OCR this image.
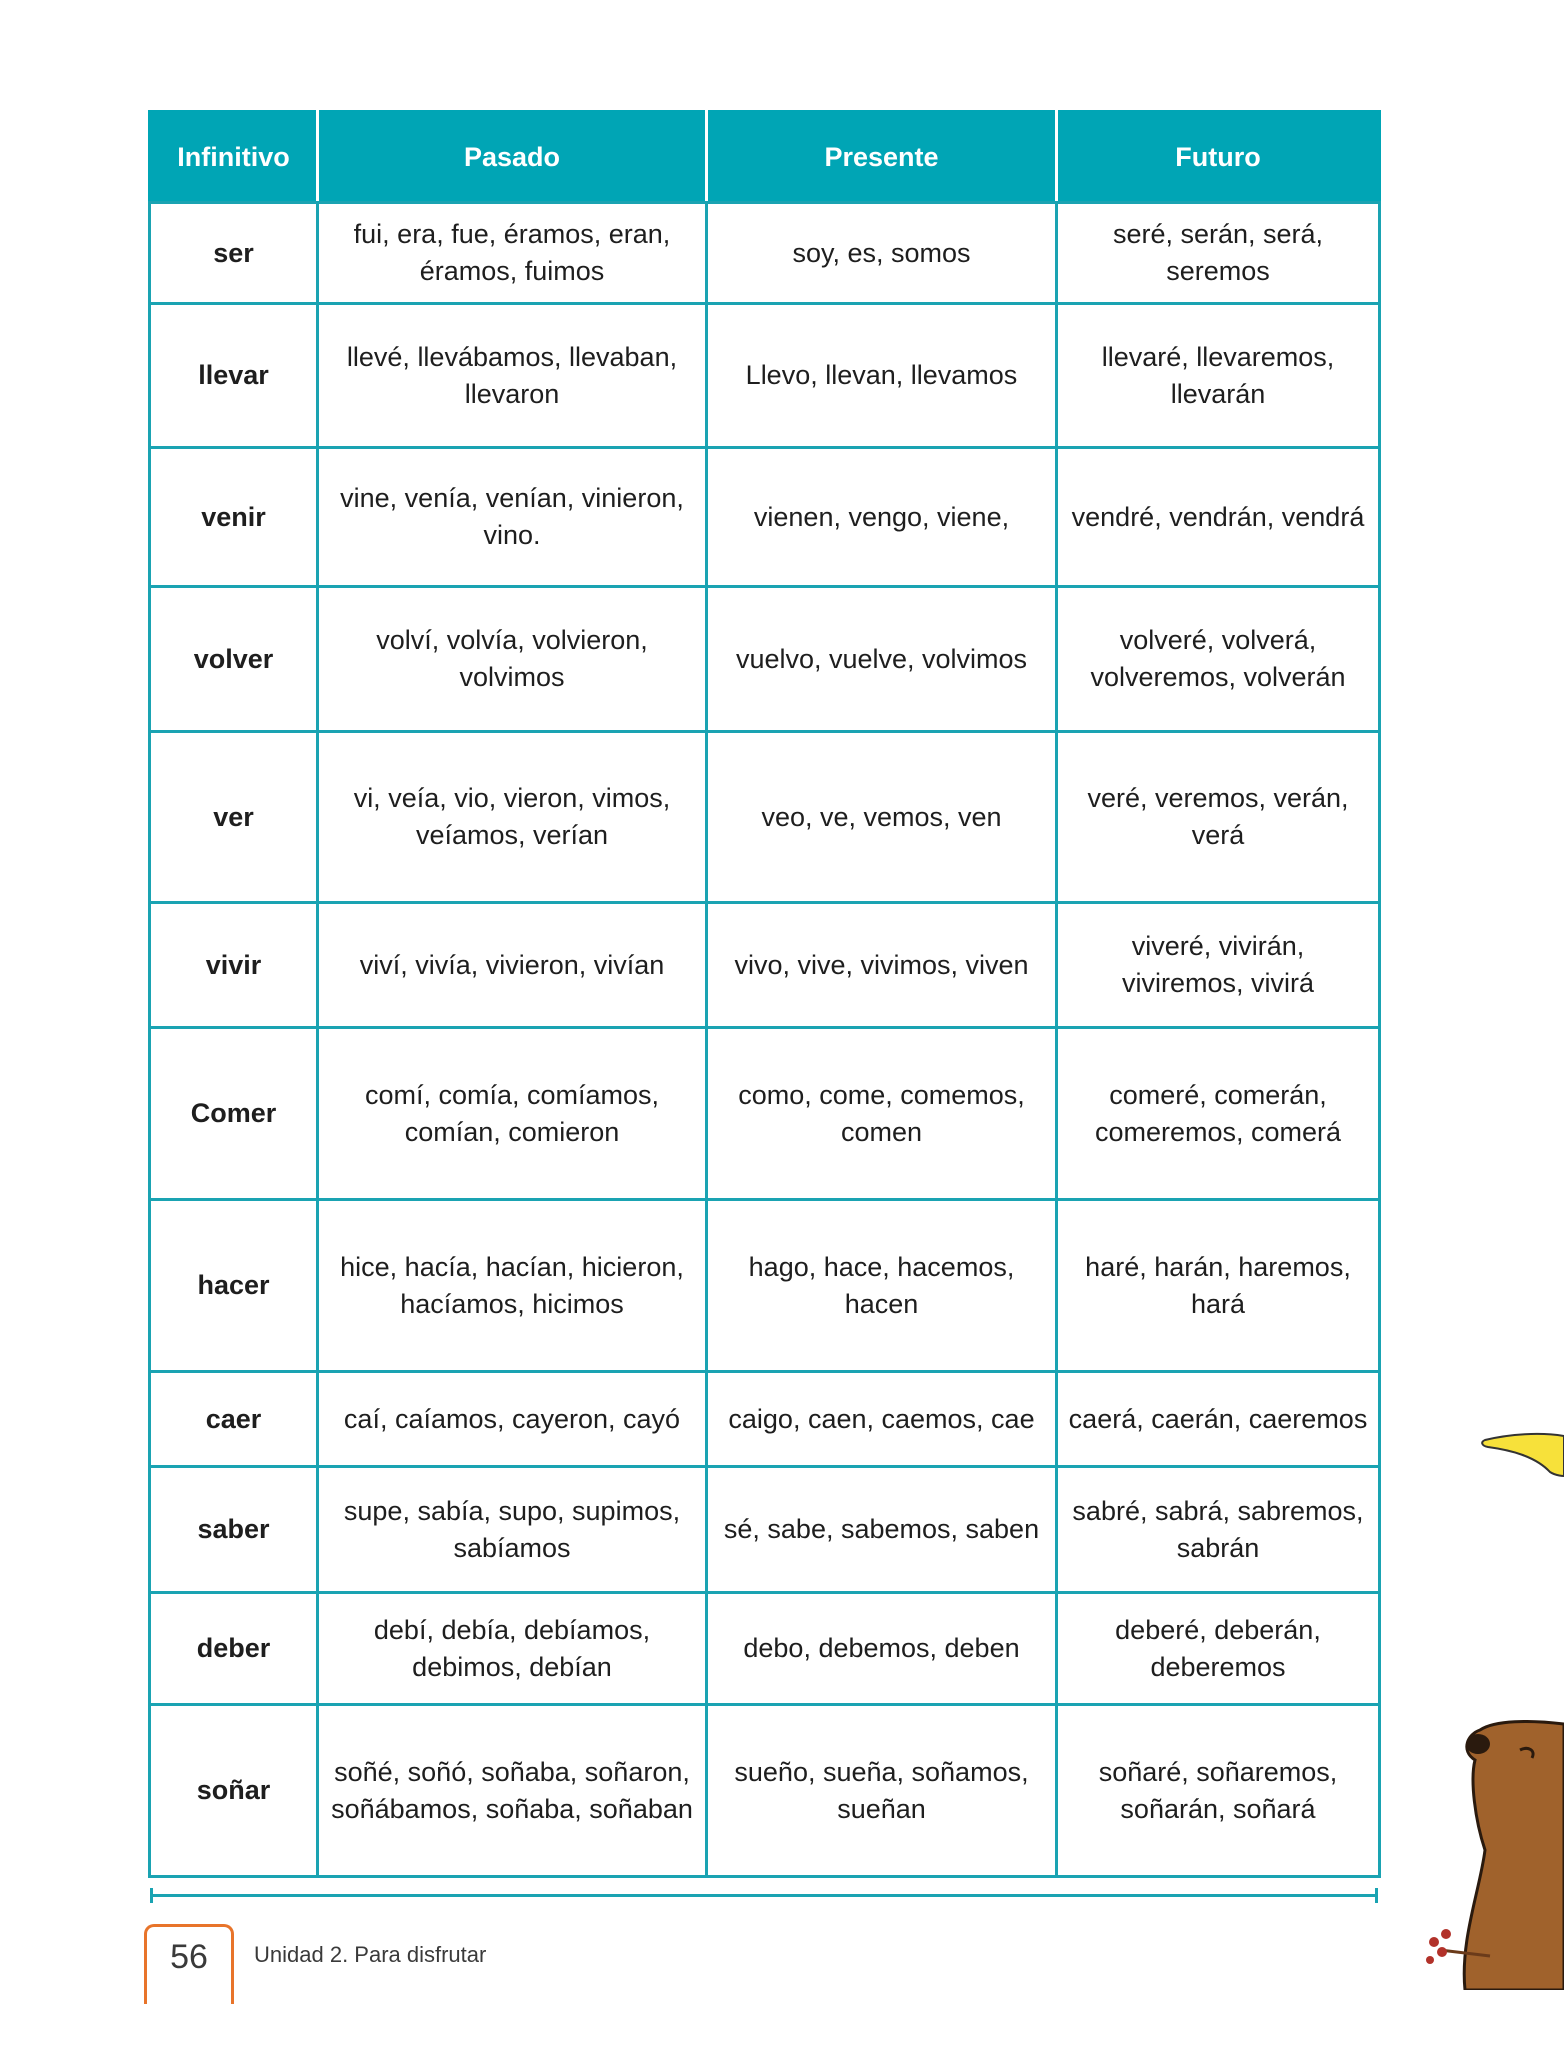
Infinitivo	Pasado	Presente	Futuro
ser	fui, era, fue, éramos, eran, éramos, fuimos	soy, es, somos	seré, serán, será, seremos
llevar	llevé, llevábamos, llevaban, llevaron	Llevo, llevan, llevamos	llevaré, llevaremos, llevarán
venir	vine, venía, venían, vinieron, vino.	vienen, vengo, viene,	vendré, vendrán, vendrá
volver	volví, volvía, volvieron, volvimos	vuelvo, vuelve, volvimos	volveré, volverá, volveremos, volverán
ver	vi, veía, vio, vieron, vimos, veíamos, verían	veo, ve, vemos, ven	veré, veremos, verán, verá
vivir	viví, vivía, vivieron, vivían	vivo, vive, vivimos, viven	viveré, vivirán, viviremos, vivirá
Comer	comí, comía, comíamos, comían, comieron	como, come, comemos, comen	comeré, comerán, comeremos, comerá
hacer	hice, hacía, hacían, hicieron, hacíamos, hicimos	hago, hace, hacemos, hacen	haré, harán, haremos, hará
caer	caí, caíamos, cayeron, cayó	caigo, caen, caemos, cae	caerá, caerán, caeremos
saber	supe, sabía, supo, supimos, sabíamos	sé, sabe, sabemos, saben	sabré, sabrá, sabremos, sabrán
deber	debí, debía, debíamos, debimos, debían	debo, debemos, deben	deberé, deberán, deberemos
soñar	soñé, soñó, soñaba, soñaron, soñábamos, soñaba, soñaban	sueño, sueña, soñamos, sueñan	soñaré, soñaremos, soñarán, soñará
56	Unidad 2. Para disfrutar
